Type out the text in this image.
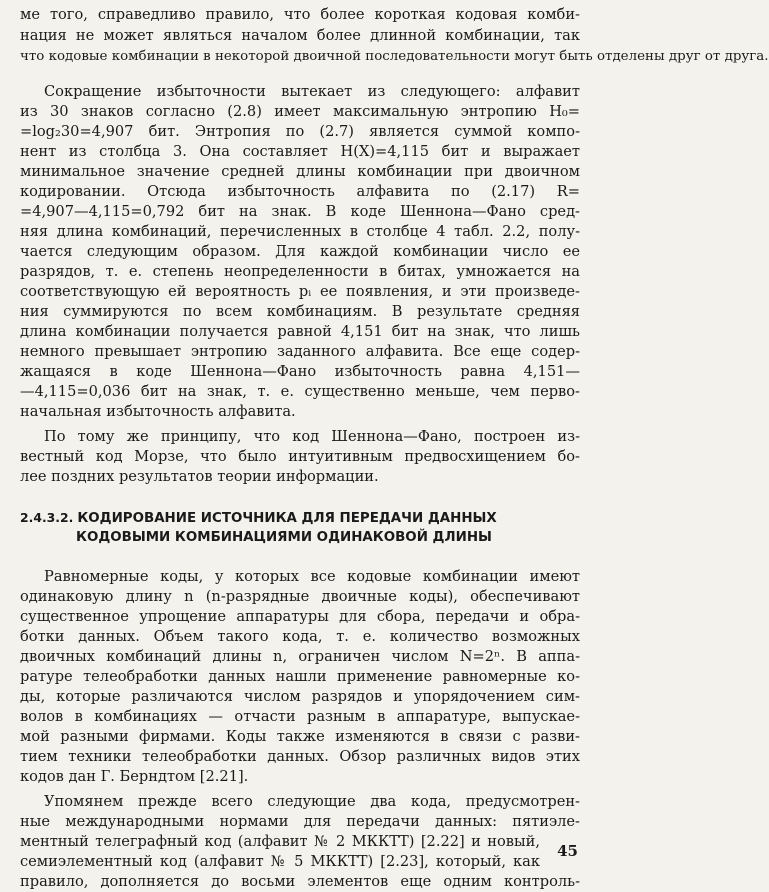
ме того, справедливо правило, что более короткая кодовая комби-
нация не может являться началом более длинной комбинации, так
что кодовые комбинации в некоторой двоичной последовательности могут быть отделены друг от друга.
Сокращение избыточности вытекает из следующего: алфавит
из 30 знаков согласно (2.8) имеет максимальную энтропию H₀=
=log₂30=4,907 бит. Энтропия по (2.7) является суммой компо-
нент из столбца 3. Она составляет H(X)=4,115 бит и выражает
минимальное значение средней длины комбинации при двоичном
кодировании. Отсюда избыточность алфавита по (2.17) R=
=4,907—4,115=0,792 бит на знак. В коде Шеннона—Фано сред-
няя длина комбинаций, перечисленных в столбце 4 табл. 2.2, полу-
чается следующим образом. Для каждой комбинации число ее
разрядов, т. е. степень неопределенности в битах, умножается на
соответствующую ей вероятность pᵢ ее появления, и эти произведе-
ния суммируются по всем комбинациям. В результате средняя
длина комбинации получается равной 4,151 бит на знак, что лишь
немного превышает энтропию заданного алфавита. Все еще содер-
жащаяся в коде Шеннона—Фано избыточность равна 4,151—
—4,115=0,036 бит на знак, т. е. существенно меньше, чем перво-
начальная избыточность алфавита.
По тому же принципу, что код Шеннона—Фано, построен из-
вестный код Морзе, что было интуитивным предвосхищением бо-
лее поздних результатов теории информации.
2.4.3.2. КОДИРОВАНИЕ ИСТОЧНИКА ДЛЯ ПЕРЕДАЧИ ДАННЫХ
КОДОВЫМИ КОМБИНАЦИЯМИ ОДИНАКОВОЙ ДЛИНЫ
Равномерные коды, у которых все кодовые комбинации имеют
одинаковую длину n (n-разрядные двоичные коды), обеспечивают
существенное упрощение аппаратуры для сбора, передачи и обра-
ботки данных. Объем такого кода, т. е. количество возможных
двоичных комбинаций длины n, ограничен числом N=2ⁿ. В аппа-
ратуре телеобработки данных нашли применение равномерные ко-
ды, которые различаются числом разрядов и упорядочением сим-
волов в комбинациях — отчасти разным в аппаратуре, выпускае-
мой разными фирмами. Коды также изменяются в связи с разви-
тием техники телеобработки данных. Обзор различных видов этих
кодов дан Г. Берндтом [2.21].
Упомянем прежде всего следующие два кода, предусмотрен-
ные международными нормами для передачи данных: пятиэле-
ментный телеграфный код (алфавит № 2 МККТТ) [2.22] и новый,
семиэлементный код (алфавит № 5 МККТТ) [2.23], который, как
правило, дополняется до восьми элементов еще одним контроль-
45
